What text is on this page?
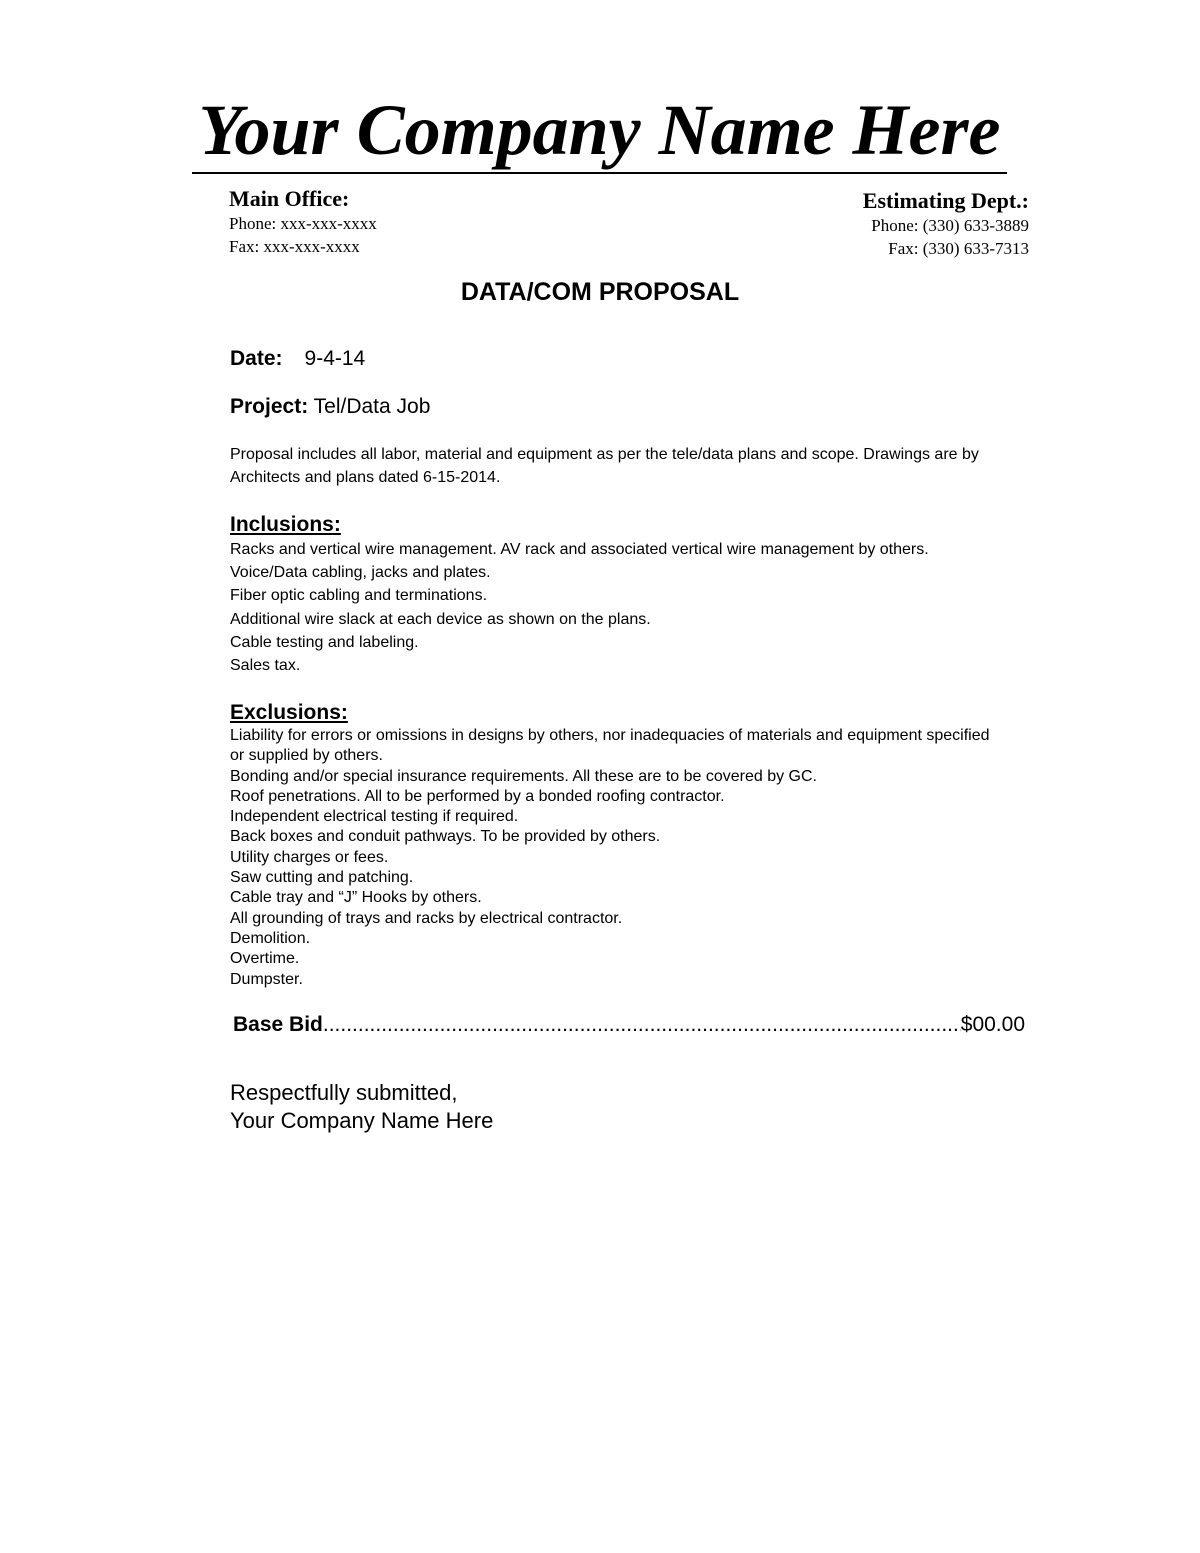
Your Company Name Here
Main Office:
Phone: xxx-xxx-xxxx
Fax: xxx-xxx-xxxx
Estimating Dept.:
Phone: (330) 633-3889
Fax: (330) 633-7313
DATA/COM PROPOSAL
Date: 9-4-14
Project: Tel/Data Job
Proposal includes all labor, material and equipment as per the tele/data plans and scope. Drawings are by Architects and plans dated 6-15-2014.
Inclusions:
Racks and vertical wire management. AV rack and associated vertical wire management by others.
Voice/Data cabling, jacks and plates.
Fiber optic cabling and terminations.
Additional wire slack at each device as shown on the plans.
Cable testing and labeling.
Sales tax.
Exclusions:
Liability for errors or omissions in designs by others, nor inadequacies of materials and equipment specified or supplied by others.
Bonding and/or special insurance requirements. All these are to be covered by GC.
Roof penetrations. All to be performed by a bonded roofing contractor.
Independent electrical testing if required.
Back boxes and conduit pathways. To be provided by others.
Utility charges or fees.
Saw cutting and patching.
Cable tray and “J” Hooks by others.
All grounding of trays and racks by electrical contractor.
Demolition.
Overtime.
Dumpster.
Base Bid
.....	$00.00
Respectfully submitted,
Your Company Name Here
